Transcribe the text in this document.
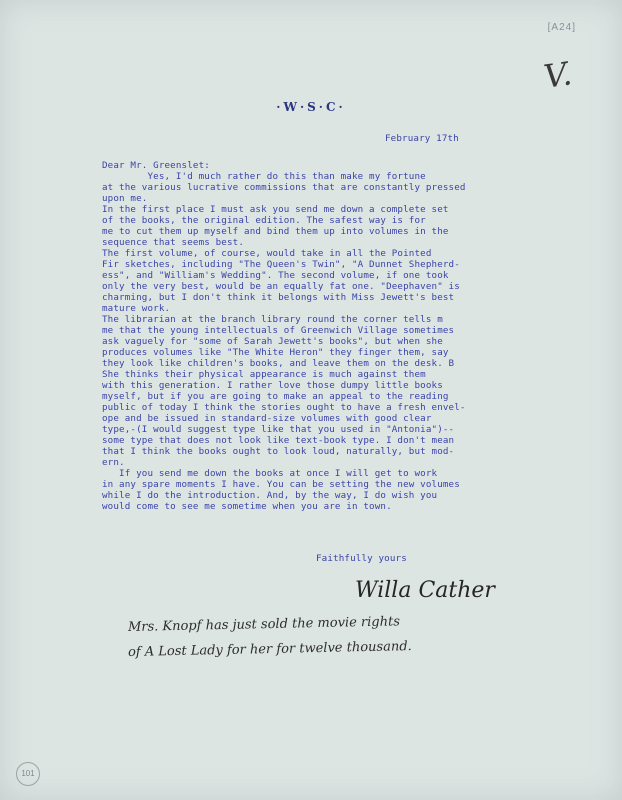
[A24]
V.
·W·S·C·
February 17th
Dear Mr. Greenslet:
Yes, I'd much rather do this than make my fortune
at the various lucrative commissions that are constantly pressed
upon me.
In the first place I must ask you send me down a complete set
of the books, the original edition. The safest way is for
me to cut them up myself and bind them up into volumes in the
sequence that seems best.
The first volume, of course, would take in all the Pointed
Fir sketches, including "The Queen's Twin", "A Dunnet Shepherd-
ess", and "William's Wedding". The second volume, if one took
only the very best, would be an equally fat one. "Deephaven" is
charming, but I don't think it belongs with Miss Jewett's best
mature work.
The librarian at the branch library round the corner tells m
me that the young intellectuals of Greenwich Village sometimes
ask vaguely for "some of Sarah Jewett's books", but when she
produces volumes like "The White Heron" they finger them, say
they look like children's books, and leave them on the desk. B
She thinks their physical appearance is much against them
with this generation. I rather love those dumpy little books
myself, but if you are going to make an appeal to the reading
public of today I think the stories ought to have a fresh envel-
ope and be issued in standard-size volumes with good clear
type,-(I would suggest type like that you used in "Antonia")--
some type that does not look like text-book type. I don't mean
that I think the books ought to look loud, naturally, but mod-
ern.
If you send me down the books at once I will get to work
in any spare moments I have. You can be setting the new volumes
while I do the introduction. And, by the way, I do wish you
would come to see me sometime when you are in town.
Faithfully yours
Willa Cather
Mrs. Knopf has just sold the movie rights
of A Lost Lady for her for twelve thousand.
101
